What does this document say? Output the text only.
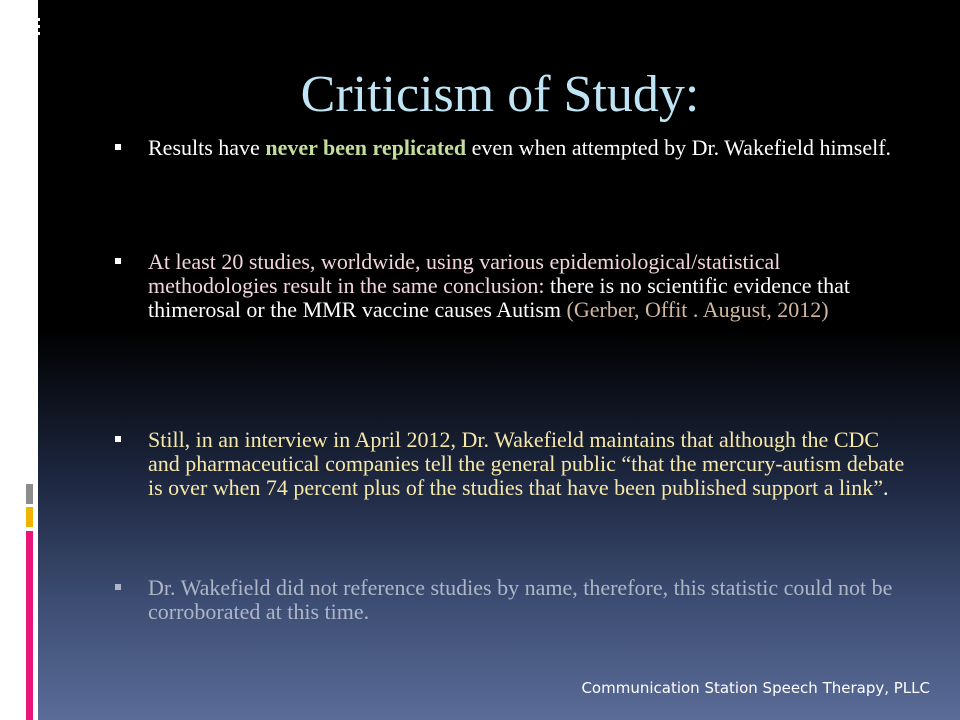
Criticism of Study:
Results have never been replicated even when attempted by Dr. Wakefield himself.
At least 20 studies, worldwide, using various epidemiological/statistical methodologies result in the same conclusion: there is no scientific evidence that thimerosal or the MMR vaccine causes Autism (Gerber, Offit . August, 2012)
Still, in an interview in April 2012, Dr. Wakefield maintains that although the CDC and pharmaceutical companies tell the general public “that the mercury-autism debate is over when 74 percent plus of the studies that have been published support a link”.
Dr. Wakefield did not reference studies by name, therefore, this statistic could not be corroborated at this time.
Communication Station Speech Therapy, PLLC
